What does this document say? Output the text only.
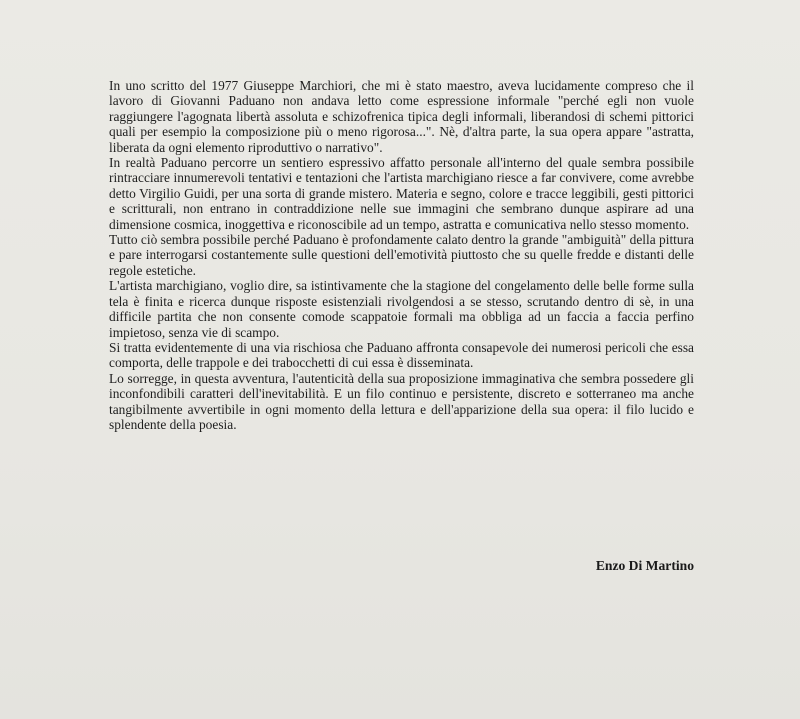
In uno scritto del 1977 Giuseppe Marchiori, che mi è stato maestro, aveva lucidamente compreso che il lavoro di Giovanni Paduano non andava letto come espressione informale "perché egli non vuole raggiungere l'agognata libertà assoluta e schizofrenica tipica degli informali, liberandosi di schemi pittorici quali per esempio la composizione più o meno rigorosa...". Nè, d'altra parte, la sua opera appare "astratta, liberata da ogni elemento riproduttivo o narrativo".

In realtà Paduano percorre un sentiero espressivo affatto personale all'interno del quale sembra possibile rintracciare innumerevoli tentativi e tentazioni che l'artista marchigiano riesce a far convivere, come avrebbe detto Virgilio Guidi, per una sorta di grande mistero. Materia e segno, colore e tracce leggibili, gesti pittorici e scritturali, non entrano in contraddizione nelle sue immagini che sembrano dunque aspirare ad una dimensione cosmica, inoggettiva e riconoscibile ad un tempo, astratta e comunicativa nello stesso momento.

Tutto ciò sembra possibile perché Paduano è profondamente calato dentro la grande "ambiguità" della pittura e pare interrogarsi costantemente sulle questioni dell'emotività piuttosto che su quelle fredde e distanti delle regole estetiche.

L'artista marchigiano, voglio dire, sa istintivamente che la stagione del congelamento delle belle forme sulla tela è finita e ricerca dunque risposte esistenziali rivolgendosi a se stesso, scrutando dentro di sè, in una difficile partita che non consente comode scappatoie formali ma obbliga ad un faccia a faccia perfino impietoso, senza vie di scampo.

Si tratta evidentemente di una via rischiosa che Paduano affronta consapevole dei numerosi pericoli che essa comporta, delle trappole e dei trabocchetti di cui essa è disseminata.

Lo sorregge, in questa avventura, l'autenticità della sua proposizione immaginativa che sembra possedere gli inconfondibili caratteri dell'inevitabilità. E un filo continuo e persistente, discreto e sotterraneo ma anche tangibilmente avvertibile in ogni momento della lettura e dell'apparizione della sua opera: il filo lucido e splendente della poesia.

Enzo Di Martino
